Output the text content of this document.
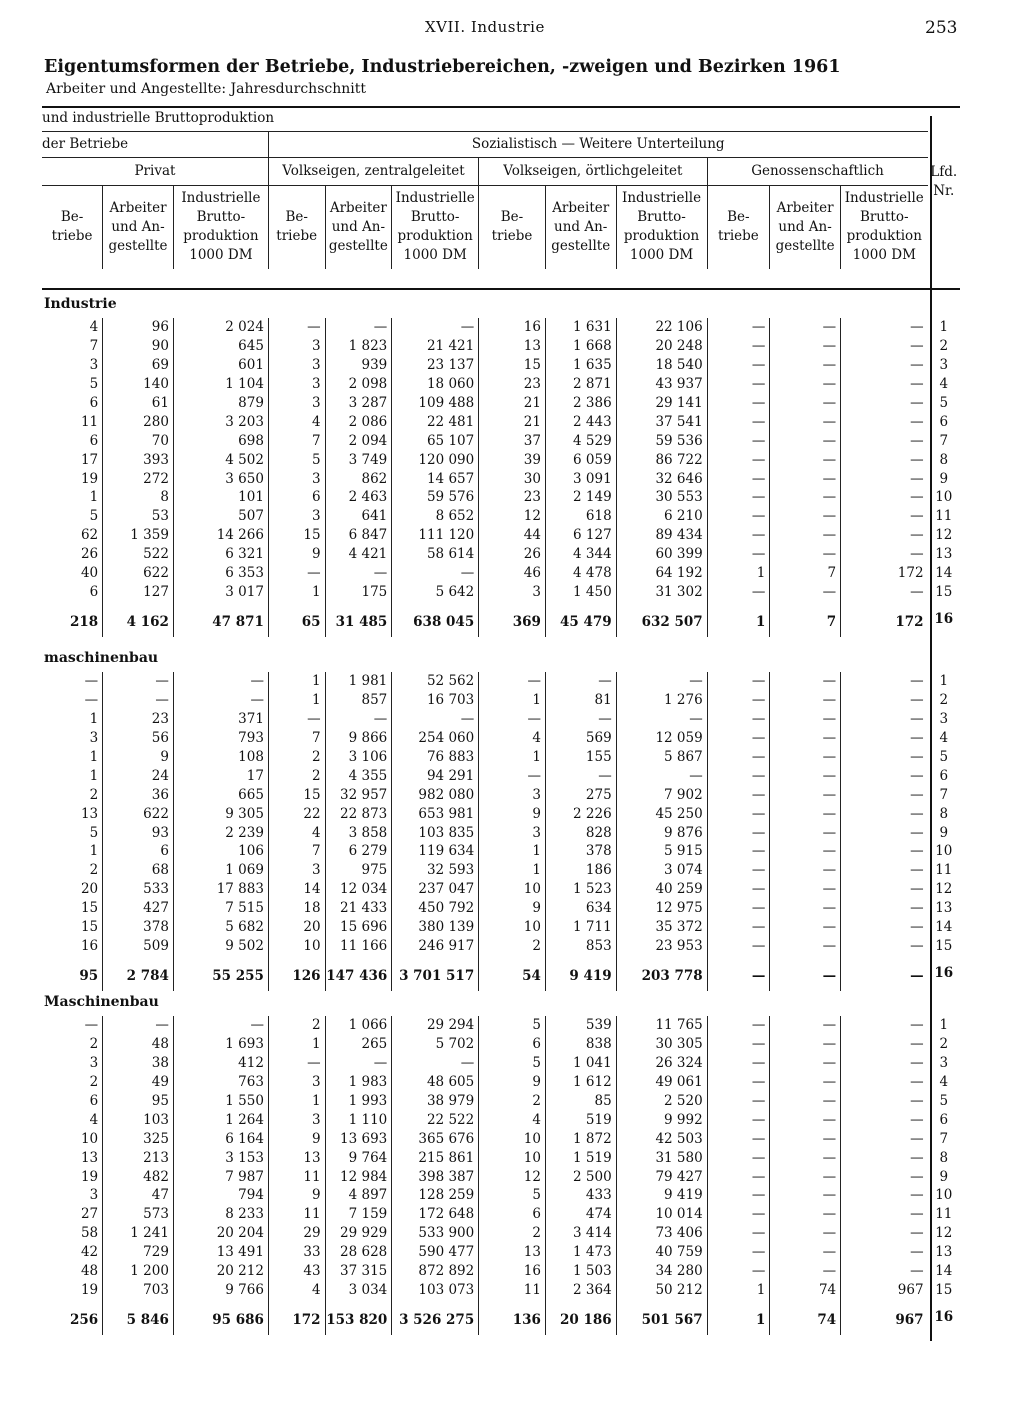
XVII. Industrie	253
Eigentumsformen der Betriebe, Industriebereichen, -zweigen und Bezirken 1961
Arbeiter und Angestellte: Jahresdurchschnitt
und industrielle Bruttoproduktion												
der Betriebe			Sozialistisch — Weitere Unterteilung									
Privat			Volkseigen, zentralgeleitet			Volkseigen, örtlichgeleitet			Genossenschaftlich			Lfd. Nr.
Be- triebe	Arbeiter und An- gestellte	Industrielle Brutto- produktion 1000 DM	Be- triebe	Arbeiter und An- gestellte	Industrielle Brutto- produktion 1000 DM	Be- triebe	Arbeiter und An- gestellte	Industrielle Brutto- produktion 1000 DM	Be- triebe	Arbeiter und An- gestellte	Industrielle Brutto- produktion 1000 DM	
Industrie
4	96	2 024	—	—	—	16	1 631	22 106	—	—	—	1
7	90	645	3	1 823	21 421	13	1 668	20 248	—	—	—	2
3	69	601	3	939	23 137	15	1 635	18 540	—	—	—	3
5	140	1 104	3	2 098	18 060	23	2 871	43 937	—	—	—	4
6	61	879	3	3 287	109 488	21	2 386	29 141	—	—	—	5
11	280	3 203	4	2 086	22 481	21	2 443	37 541	—	—	—	6
6	70	698	7	2 094	65 107	37	4 529	59 536	—	—	—	7
17	393	4 502	5	3 749	120 090	39	6 059	86 722	—	—	—	8
19	272	3 650	3	862	14 657	30	3 091	32 646	—	—	—	9
1	8	101	6	2 463	59 576	23	2 149	30 553	—	—	—	10
5	53	507	3	641	8 652	12	618	6 210	—	—	—	11
62	1 359	14 266	15	6 847	111 120	44	6 127	89 434	—	—	—	12
26	522	6 321	9	4 421	58 614	26	4 344	60 399	—	—	—	13
40	622	6 353	—	—	—	46	4 478	64 192	1	7	172	14
6	127	3 017	1	175	5 642	3	1 450	31 302	—	—	—	15
218	4 162	47 871	65	31 485	638 045	369	45 479	632 507	1	7	172	16
maschinenbau
—	—	—	1	1 981	52 562	—	—	—	—	—	—	1
—	—	—	1	857	16 703	1	81	1 276	—	—	—	2
1	23	371	—	—	—	—	—	—	—	—	—	3
3	56	793	7	9 866	254 060	4	569	12 059	—	—	—	4
1	9	108	2	3 106	76 883	1	155	5 867	—	—	—	5
1	24	17	2	4 355	94 291	—	—	—	—	—	—	6
2	36	665	15	32 957	982 080	3	275	7 902	—	—	—	7
13	622	9 305	22	22 873	653 981	9	2 226	45 250	—	—	—	8
5	93	2 239	4	3 858	103 835	3	828	9 876	—	—	—	9
1	6	106	7	6 279	119 634	1	378	5 915	—	—	—	10
2	68	1 069	3	975	32 593	1	186	3 074	—	—	—	11
20	533	17 883	14	12 034	237 047	10	1 523	40 259	—	—	—	12
15	427	7 515	18	21 433	450 792	9	634	12 975	—	—	—	13
15	378	5 682	20	15 696	380 139	10	1 711	35 372	—	—	—	14
16	509	9 502	10	11 166	246 917	2	853	23 953	—	—	—	15
95	2 784	55 255	126	147 436	3 701 517	54	9 419	203 778	—	—	—	16
Maschinenbau
—	—	—	2	1 066	29 294	5	539	11 765	—	—	—	1
2	48	1 693	1	265	5 702	6	838	30 305	—	—	—	2
3	38	412	—	—	—	5	1 041	26 324	—	—	—	3
2	49	763	3	1 983	48 605	9	1 612	49 061	—	—	—	4
6	95	1 550	1	1 993	38 979	2	85	2 520	—	—	—	5
4	103	1 264	3	1 110	22 522	4	519	9 992	—	—	—	6
10	325	6 164	9	13 693	365 676	10	1 872	42 503	—	—	—	7
13	213	3 153	13	9 764	215 861	10	1 519	31 580	—	—	—	8
19	482	7 987	11	12 984	398 387	12	2 500	79 427	—	—	—	9
3	47	794	9	4 897	128 259	5	433	9 419	—	—	—	10
27	573	8 233	11	7 159	172 648	6	474	10 014	—	—	—	11
58	1 241	20 204	29	29 929	533 900	2	3 414	73 406	—	—	—	12
42	729	13 491	33	28 628	590 477	13	1 473	40 759	—	—	—	13
48	1 200	20 212	43	37 315	872 892	16	1 503	34 280	—	—	—	14
19	703	9 766	4	3 034	103 073	11	2 364	50 212	1	74	967	15
256	5 846	95 686	172	153 820	3 526 275	136	20 186	501 567	1	74	967	16
